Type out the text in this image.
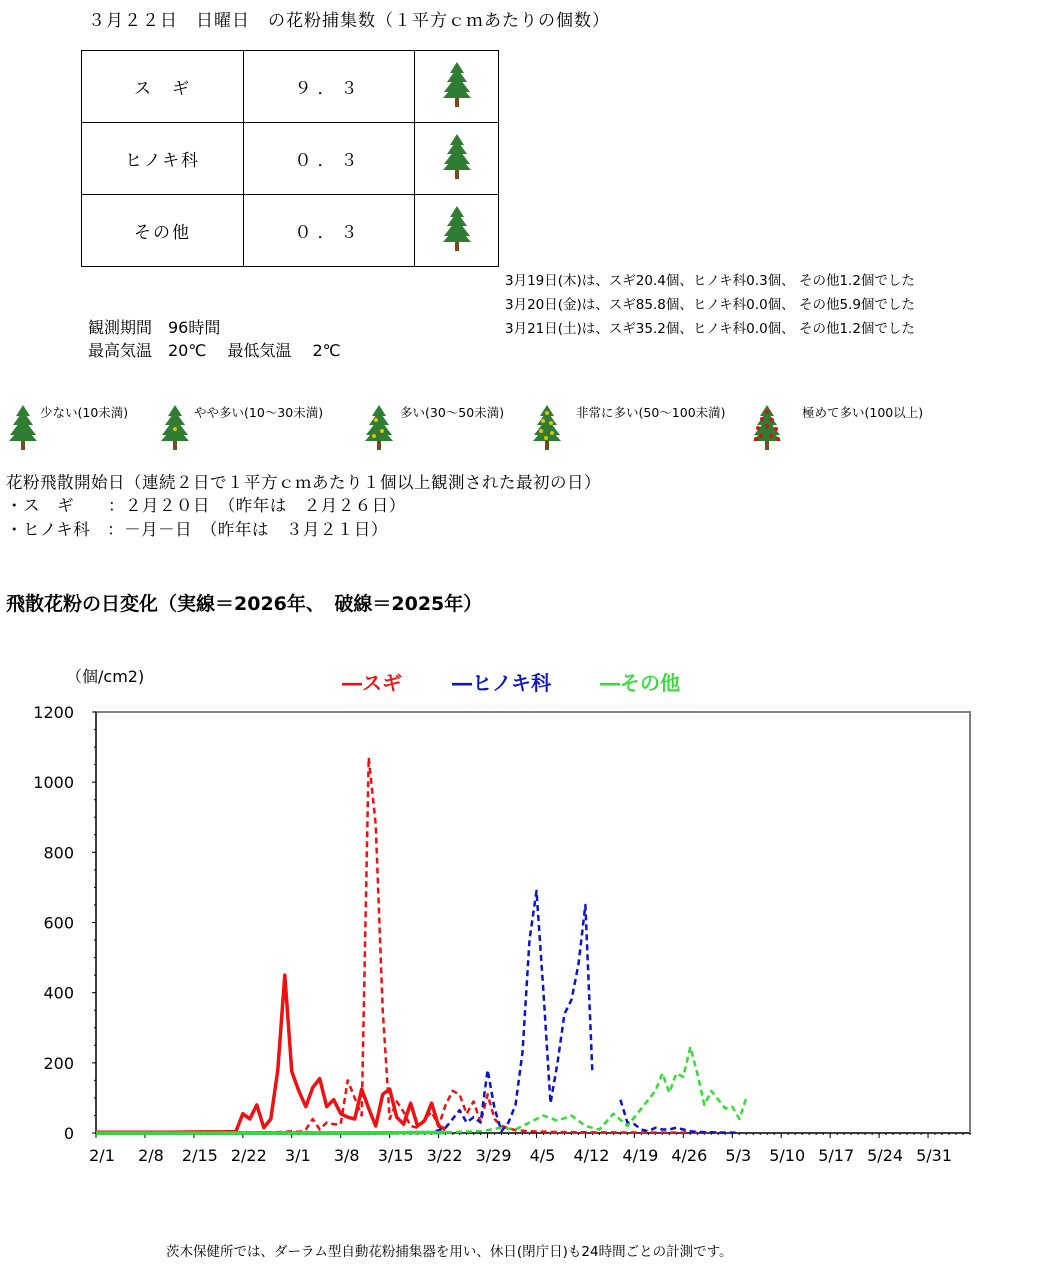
３月２２日　日曜日　の花粉捕集数（１平方ｃｍあたりの個数）
ス　ギ	９．３	
ヒノキ科	０．３	
その他	０．３	
3月19日(木)は、スギ20.4個、ヒノキ科0.3個、 その他1.2個でした
3月20日(金)は、スギ85.8個、ヒノキ科0.0個、 その他5.9個でした
3月21日(土)は、スギ35.2個、ヒノキ科0.0個、 その他1.2個でした
観測期間　96時間
最高気温　20℃　 最低気温　 2℃
少ない(10未満)	やや多い(10～30未満)	多い(30～50未満)	非常に多い(50～100未満)	極めて多い(100以上)
花粉飛散開始日（連続２日で１平方ｃｍあたり１個以上観測された最初の日）
・ス　ギ　　：２月２０日　（昨年は　２月２６日）
・ヒノキ科　：－月－日　（昨年は　３月２１日）
飛散花粉の日変化（実線＝2026年、　破線＝2025年）
0
200
400
600
800
1000
1200
2/1 2/8 2/15 2/22 3/1 3/8 3/15 3/22 3/29 4/5 4/12 4/19 4/26 5/3 5/10 5/17 5/24 5/31
（個/cm2)	―スギ	―ヒノキ科 ―その他
茨木保健所では、ダーラム型自動花粉捕集器を用い、休日(閉庁日)も24時間ごとの計測です。
